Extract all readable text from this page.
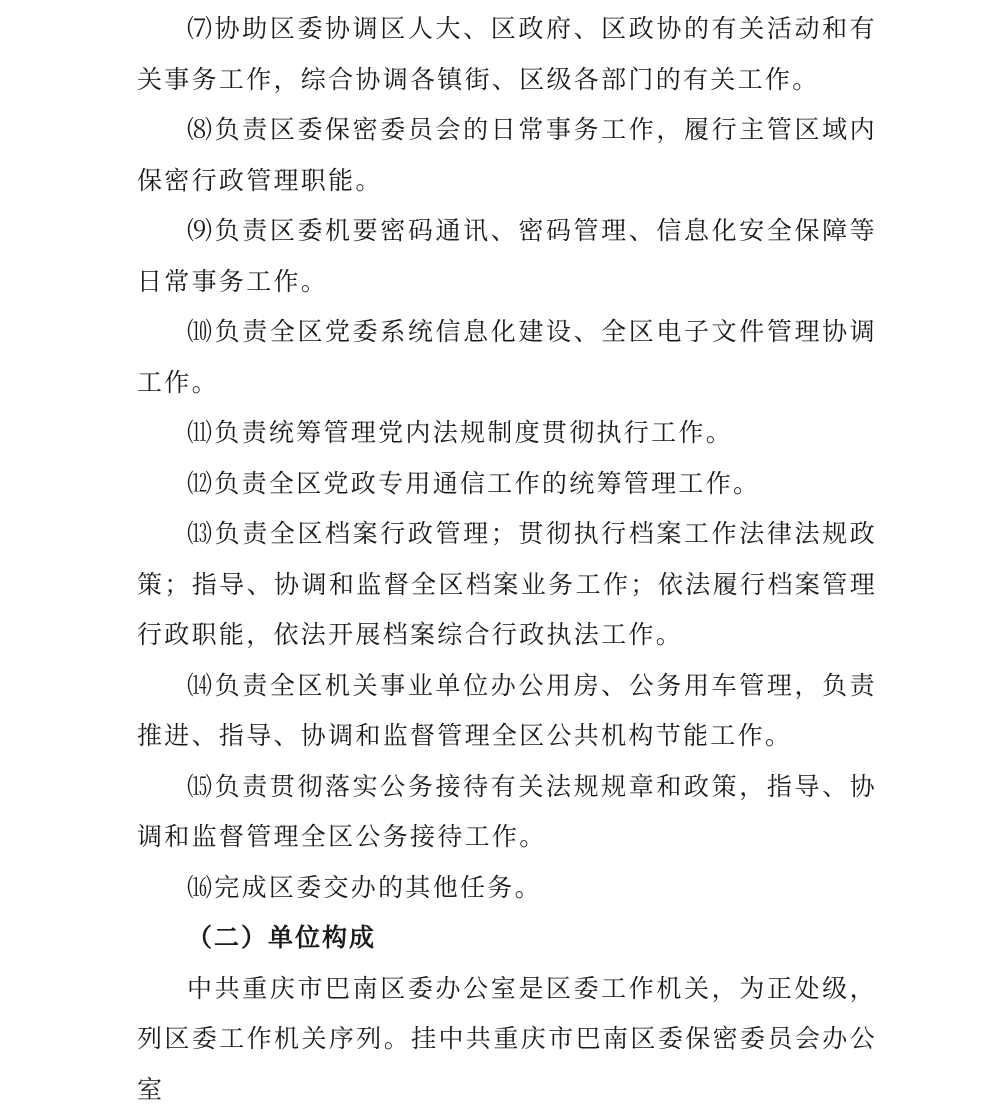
⑺协助区委协调区人大、区政府、区政协的有关活动和有关事务工作，综合协调各镇街、区级各部门的有关工作。

⑻负责区委保密委员会的日常事务工作，履行主管区域内保密行政管理职能。

⑼负责区委机要密码通讯、密码管理、信息化安全保障等日常事务工作。

⑽负责全区党委系统信息化建设、全区电子文件管理协调工作。

⑾负责统筹管理党内法规制度贯彻执行工作。

⑿负责全区党政专用通信工作的统筹管理工作。

⒀负责全区档案行政管理；贯彻执行档案工作法律法规政策；指导、协调和监督全区档案业务工作；依法履行档案管理行政职能，依法开展档案综合行政执法工作。

⒁负责全区机关事业单位办公用房、公务用车管理，负责推进、指导、协调和监督管理全区公共机构节能工作。

⒂负责贯彻落实公务接待有关法规规章和政策，指导、协调和监督管理全区公务接待工作。

⒃完成区委交办的其他任务。

（二）单位构成

中共重庆市巴南区委办公室是区委工作机关，为正处级，列区委工作机关序列。挂中共重庆市巴南区委保密委员会办公室
